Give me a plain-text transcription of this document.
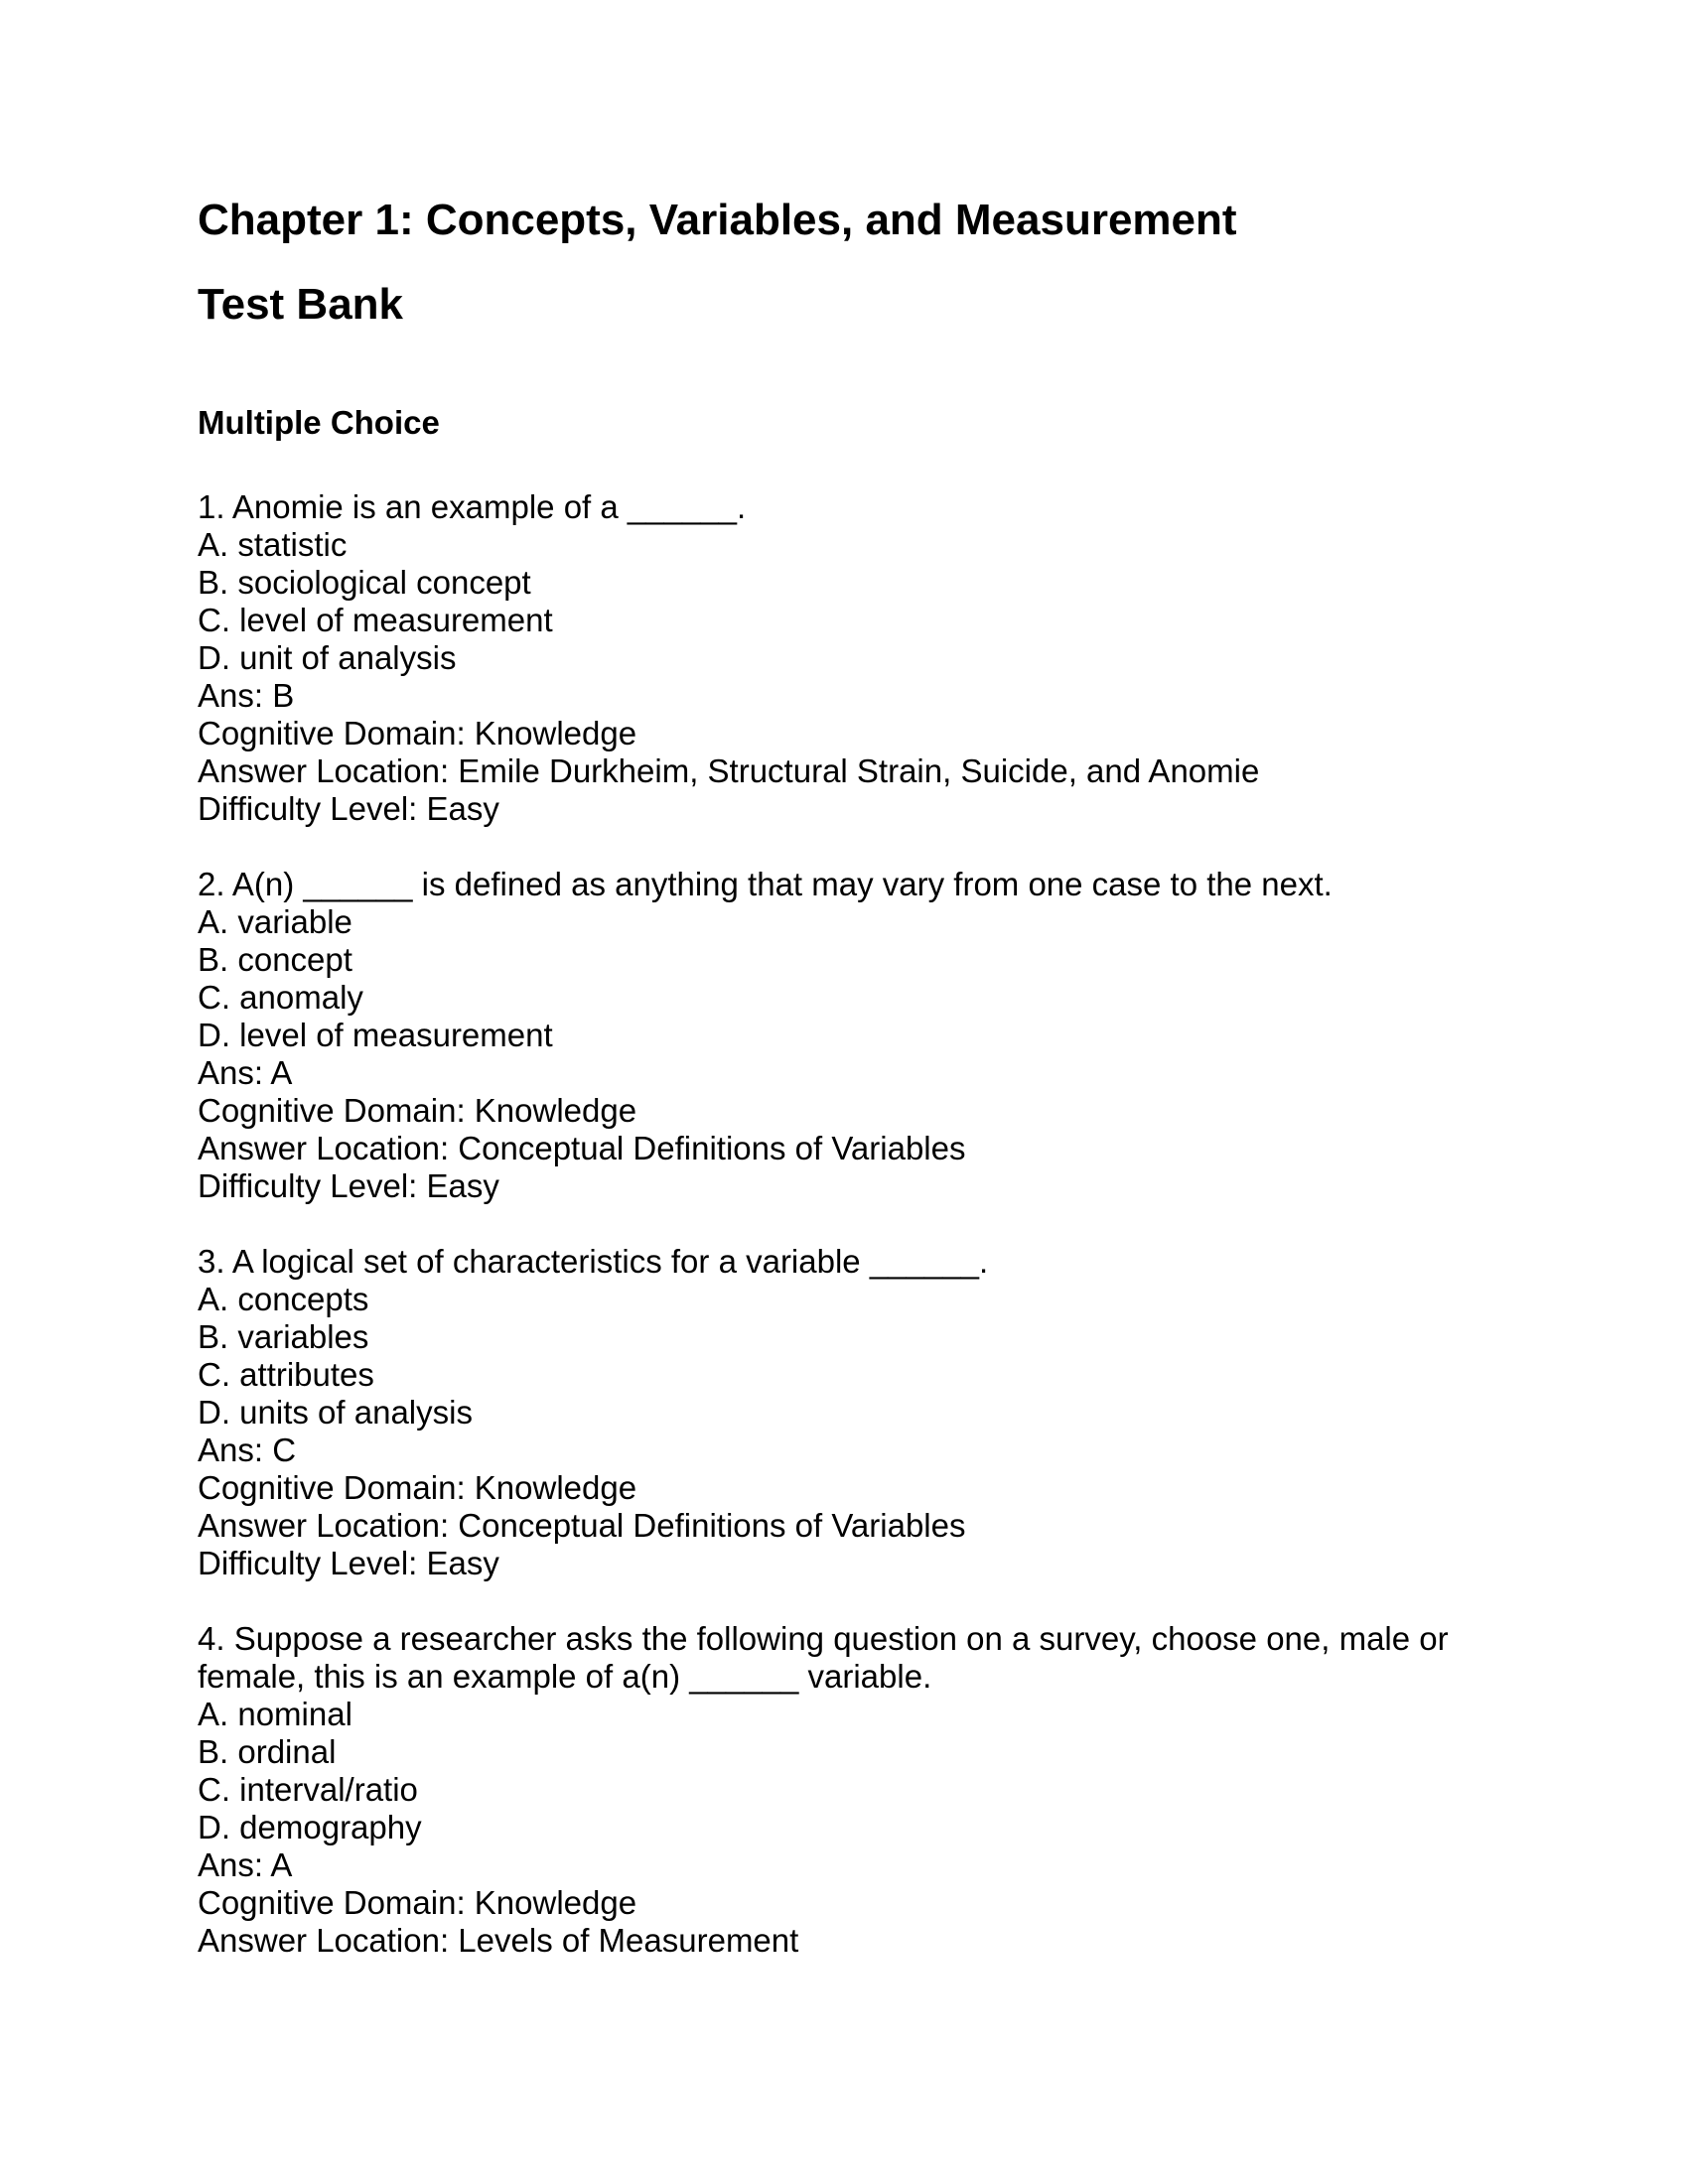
Chapter 1: Concepts, Variables, and Measurement
Test Bank
Multiple Choice
1. Anomie is an example of a ______.
A. statistic
B. sociological concept
C. level of measurement
D. unit of analysis
Ans: B
Cognitive Domain: Knowledge
Answer Location: Emile Durkheim, Structural Strain, Suicide, and Anomie
Difficulty Level: Easy
2. A(n) ______ is defined as anything that may vary from one case to the next.
A. variable
B. concept
C. anomaly
D. level of measurement
Ans: A
Cognitive Domain: Knowledge
Answer Location: Conceptual Definitions of Variables
Difficulty Level: Easy
3. A logical set of characteristics for a variable ______.
A. concepts
B. variables
C. attributes
D. units of analysis
Ans: C
Cognitive Domain: Knowledge
Answer Location: Conceptual Definitions of Variables
Difficulty Level: Easy
4. Suppose a researcher asks the following question on a survey, choose one, male or female, this is an example of a(n) ______ variable.
A. nominal
B. ordinal
C. interval/ratio
D. demography
Ans: A
Cognitive Domain: Knowledge
Answer Location: Levels of Measurement
